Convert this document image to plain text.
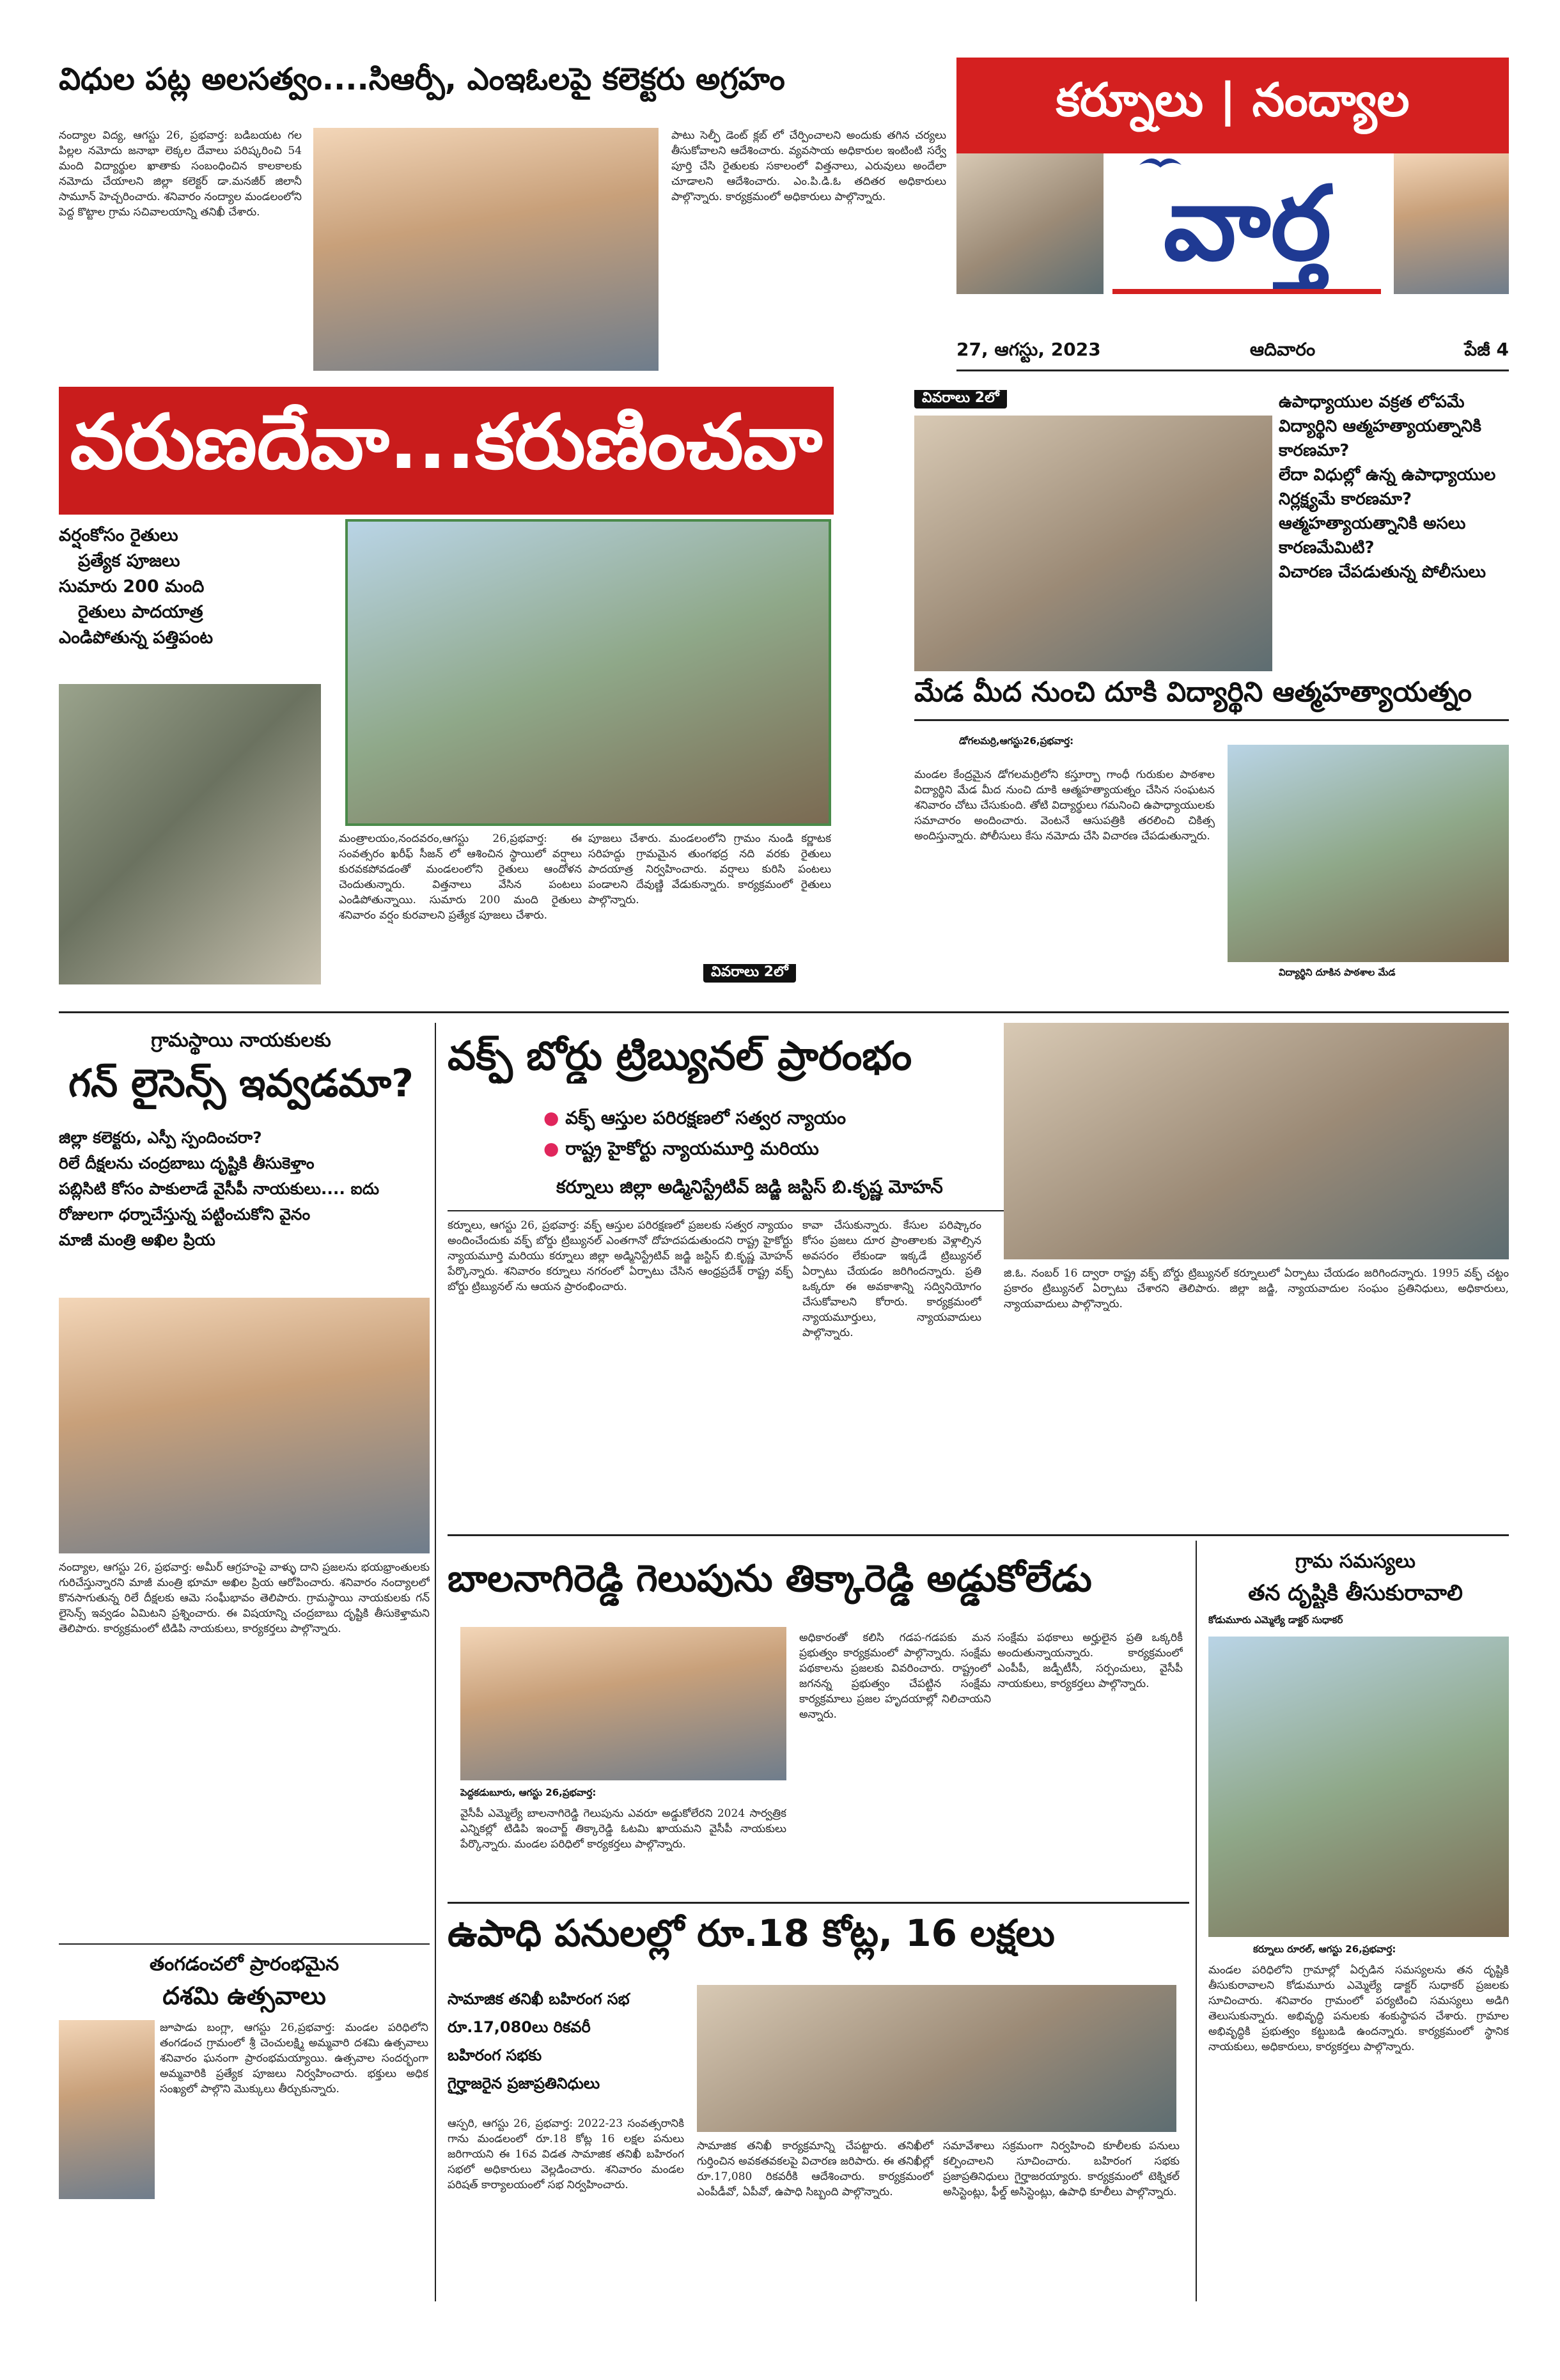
విధుల పట్ల అలసత్వం....సిఆర్పీ, ఎంఇఓలపై కలెక్టరు అగ్రహం
నంద్యాల విద్య, ఆగస్టు 26, ప్రభవార్త: బడిబయట గల పిల్లల నమోదు జనాభా లెక్కల దేవాలు పరిష్కరించి 54 మంది విద్యార్థుల ఖాతాకు సంబంధించిన కాలకాలకు నమోదు చేయాలని జిల్లా కలెక్టర్ డా.మనజీర్ జిలానీ సామూన్ హెచ్చరించారు. శనివారం నంద్యాల మండలంలోని పెద్ద కొట్టాల గ్రామ సచివాలయాన్ని తనిఖీ చేశారు.
పాటు సెల్ఫీ డెంట్ క్లబ్ లో చేర్పించాలని అందుకు తగిన చర్యలు తీసుకోవాలని ఆదేశించారు. వ్యవసాయ అధికారుల ఇంటింటి సర్వే పూర్తి చేసి రైతులకు సకాలంలో విత్తనాలు, ఎరువులు అందేలా చూడాలని ఆదేశించారు. ఎం.పి.డి.ఓ తదితర అధికారులు పాల్గొన్నారు. కార్యక్రమంలో అధికారులు పాల్గొన్నారు.
కర్నూలు | నంద్యాల
వార్త
27, ఆగస్టు, 2023	ఆదివారం	పేజీ 4
వరుణదేవా...కరుణించవా
వర్షంకోసం రైతులు
ప్రత్యేక పూజలు
సుమారు 200 మంది
రైతులు పాదయాత్ర
ఎండిపోతున్న పత్తిపంట
మంత్రాలయం,నందవరం,ఆగస్టు 26,ప్రభవార్త: ఈ సంవత్సరం ఖరీఫ్ సీజన్ లో ఆశించిన స్థాయిలో వర్షాలు కురవకపోవడంతో మండలంలోని రైతులు ఆందోళన చెందుతున్నారు. విత్తనాలు వేసిన పంటలు ఎండిపోతున్నాయి. సుమారు 200 మంది రైతులు శనివారం వర్షం కురవాలని ప్రత్యేక పూజలు చేశారు.
పూజలు చేశారు. మండలంలోని గ్రామం నుండి కర్ణాటక సరిహద్దు గ్రామమైన తుంగభద్ర నది వరకు రైతులు పాదయాత్ర నిర్వహించారు. వర్షాలు కురిసి పంటలు పండాలని దేవుణ్ణి వేడుకున్నారు. కార్యక్రమంలో రైతులు పాల్గొన్నారు.
వివరాలు 2లో
వివరాలు 2లో	ఉపాధ్యాయుల వక్రత లోపమే విద్యార్థిని ఆత్మహత్యాయత్నానికి కారణమా?
లేదా విధుల్లో ఉన్న ఉపాధ్యాయుల నిర్లక్ష్యమే కారణమా?
ఆత్మహత్యాయత్నానికి అసలు కారణమేమిటి?
విచారణ చేపడుతున్న పోలీసులు
మేడ మీద నుంచి దూకి విద్యార్థిని ఆత్మహత్యాయత్నం
డోగలమర్రి,ఆగస్టు26,ప్రభవార్త:
మండల కేంద్రమైన డోగలమర్రిలోని కస్తూర్బా గాంధీ గురుకుల పాఠశాల విద్యార్థిని మేడ మీద నుంచి దూకి ఆత్మహత్యాయత్నం చేసిన సంఘటన శనివారం చోటు చేసుకుంది. తోటి విద్యార్థులు గమనించి ఉపాధ్యాయులకు సమాచారం అందించారు. వెంటనే ఆసుపత్రికి తరలించి చికిత్స అందిస్తున్నారు. పోలీసులు కేసు నమోదు చేసి విచారణ చేపడుతున్నారు.
విద్యార్థిని దూకిన పాఠశాల మేడ
గ్రామస్థాయి నాయకులకు
గన్ లైసెన్స్ ఇవ్వడమా?
జిల్లా కలెక్టరు, ఎస్పీ స్పందించరా?
రిలే దీక్షలను చంద్రబాబు దృష్టికి తీసుకెళ్తాం
పబ్లిసిటి కోసం పాకులాడే వైసీపీ నాయకులు.... ఐదు రోజులగా ధర్నాచేస్తున్న పట్టించుకోని వైనం
మాజీ మంత్రి అఖిల ప్రియ
నంద్యాల, ఆగస్టు 26, ప్రభవార్త: అమీర్ ఆగ్రహంపై వాళ్ళు దాని ప్రజలను భయభ్రాంతులకు గురిచేస్తున్నారని మాజీ మంత్రి భూమా అఖిల ప్రియ ఆరోపించారు. శనివారం నంద్యాలలో కొనసాగుతున్న రిలే దీక్షలకు ఆమె సంఘీభావం తెలిపారు. గ్రామస్థాయి నాయకులకు గన్ లైసెన్స్ ఇవ్వడం ఏమిటని ప్రశ్నించారు. ఈ విషయాన్ని చంద్రబాబు దృష్టికి తీసుకెళ్తామని తెలిపారు. కార్యక్రమంలో టిడిపి నాయకులు, కార్యకర్తలు పాల్గొన్నారు.
వక్ఫ్ బోర్డు ట్రిబ్యునల్ ప్రారంభం
● వక్ఫ్ ఆస్తుల పరిరక్షణలో సత్వర న్యాయం
● రాష్ట్ర హైకోర్టు న్యాయమూర్తి మరియు
కర్నూలు జిల్లా అడ్మినిస్ట్రేటివ్ జడ్జి జస్టిస్ బి.కృష్ణ మోహన్
కర్నూలు, ఆగస్టు 26, ప్రభవార్త: వక్ఫ్ ఆస్తుల పరిరక్షణలో ప్రజలకు సత్వర న్యాయం అందించేందుకు వక్ఫ్ బోర్డు ట్రిబ్యునల్ ఎంతగానో దోహదపడుతుందని రాష్ట్ర హైకోర్టు న్యాయమూర్తి మరియు కర్నూలు జిల్లా అడ్మినిస్ట్రేటివ్ జడ్జి జస్టిస్ బి.కృష్ణ మోహన్ పేర్కొన్నారు. శనివారం కర్నూలు నగరంలో ఏర్పాటు చేసిన ఆంధ్రప్రదేశ్ రాష్ట్ర వక్ఫ్ బోర్డు ట్రిబ్యునల్ ను ఆయన ప్రారంభించారు.
కావా చేసుకున్నారు. కేసుల పరిష్కారం కోసం ప్రజలు దూర ప్రాంతాలకు వెళ్లాల్సిన అవసరం లేకుండా ఇక్కడే ట్రిబ్యునల్ ఏర్పాటు చేయడం జరిగిందన్నారు. ప్రతి ఒక్కరూ ఈ అవకాశాన్ని సద్వినియోగం చేసుకోవాలని కోరారు. కార్యక్రమంలో న్యాయమూర్తులు, న్యాయవాదులు పాల్గొన్నారు.
జి.ఓ. నంబర్ 16 ద్వారా రాష్ట్ర వక్ఫ్ బోర్డు ట్రిబ్యునల్ కర్నూలులో ఏర్పాటు చేయడం జరిగిందన్నారు. 1995 వక్ఫ్ చట్టం ప్రకారం ట్రిబ్యునల్ ఏర్పాటు చేశారని తెలిపారు. జిల్లా జడ్జి, న్యాయవాదుల సంఘం ప్రతినిధులు, అధికారులు, న్యాయవాదులు పాల్గొన్నారు.
బాలనాగిరెడ్డి గెలుపును తిక్కారెడ్డి అడ్డుకోలేడు
పెద్దకడుబూరు, ఆగస్టు 26,ప్రభవార్త:
వైసీపీ ఎమ్మెల్యే బాలనాగిరెడ్డి గెలుపును ఎవరూ అడ్డుకోలేరని 2024 సార్వత్రిక ఎన్నికల్లో టిడిపి ఇంచార్జ్ తిక్కారెడ్డి ఓటమి ఖాయమని వైసీపీ నాయకులు పేర్కొన్నారు. మండల పరిధిలో కార్యకర్తలు పాల్గొన్నారు.
అధికారంతో కలిసి గడప-గడపకు మన ప్రభుత్వం కార్యక్రమంలో పాల్గొన్నారు. సంక్షేమ పథకాలను ప్రజలకు వివరించారు. రాష్ట్రంలో జగనన్న ప్రభుత్వం చేపట్టిన సంక్షేమ కార్యక్రమాలు ప్రజల హృదయాల్లో నిలిచాయని అన్నారు.
సంక్షేమ పథకాలు అర్హులైన ప్రతి ఒక్కరికీ అందుతున్నాయన్నారు. కార్యక్రమంలో ఎంపీపీ, జడ్పీటీసీ, సర్పంచులు, వైసీపీ నాయకులు, కార్యకర్తలు పాల్గొన్నారు.
గ్రామ సమస్యలు
తన దృష్టికి తీసుకురావాలి
కోడుమూరు ఎమ్మెల్యే డాక్టర్ సుధాకర్
కర్నూలు రూరల్, ఆగస్టు 26,ప్రభవార్త:
మండల పరిధిలోని గ్రామాల్లో ఏర్పడిన సమస్యలను తన దృష్టికి తీసుకురావాలని కోడుమూరు ఎమ్మెల్యే డాక్టర్ సుధాకర్ ప్రజలకు సూచించారు. శనివారం గ్రామంలో పర్యటించి సమస్యలు అడిగి తెలుసుకున్నారు. అభివృద్ధి పనులకు శంకుస్థాపన చేశారు. గ్రామాల అభివృద్ధికి ప్రభుత్వం కట్టుబడి ఉందన్నారు. కార్యక్రమంలో స్థానిక నాయకులు, అధికారులు, కార్యకర్తలు పాల్గొన్నారు.
ఉపాధి పనులల్లో రూ.18 కోట్ల, 16 లక్షలు
సామాజిక తనిఖీ బహిరంగ సభ
రూ.17,080లు రికవరీ
బహిరంగ సభకు
గైర్హాజరైన ప్రజాప్రతినిధులు
ఆస్పరి, ఆగస్టు 26, ప్రభవార్త: 2022-23 సంవత్సరానికి గాను మండలంలో రూ.18 కోట్ల 16 లక్షల పనులు జరిగాయని ఈ 16వ విడత సామాజిక తనిఖీ బహిరంగ సభలో అధికారులు వెల్లడించారు. శనివారం మండల పరిషత్ కార్యాలయంలో సభ నిర్వహించారు.
సామాజిక తనిఖీ కార్యక్రమాన్ని చేపట్టారు. తనిఖీలో గుర్తించిన అవకతవకలపై విచారణ జరిపారు. ఈ తనిఖీల్లో రూ.17,080 రికవరీకి ఆదేశించారు. కార్యక్రమంలో ఎంపీడీవో, ఏపీవో, ఉపాధి సిబ్బంది పాల్గొన్నారు.
సమావేశాలు సక్రమంగా నిర్వహించి కూలీలకు పనులు కల్పించాలని సూచించారు. బహిరంగ సభకు ప్రజాప్రతినిధులు గైర్హాజరయ్యారు. కార్యక్రమంలో టెక్నికల్ అసిస్టెంట్లు, ఫీల్డ్ అసిస్టెంట్లు, ఉపాధి కూలీలు పాల్గొన్నారు.
తంగడంచలో ప్రారంభమైన
దశమి ఉత్సవాలు
జూపాడు బంగ్లా, ఆగస్టు 26,ప్రభవార్త: మండల పరిధిలోని తంగడంచ గ్రామంలో శ్రీ చెంచులక్ష్మి అమ్మవారి దశమి ఉత్సవాలు శనివారం ఘనంగా ప్రారంభమయ్యాయి. ఉత్సవాల సందర్భంగా అమ్మవారికి ప్రత్యేక పూజలు నిర్వహించారు. భక్తులు అధిక సంఖ్యలో పాల్గొని మొక్కులు తీర్చుకున్నారు.
